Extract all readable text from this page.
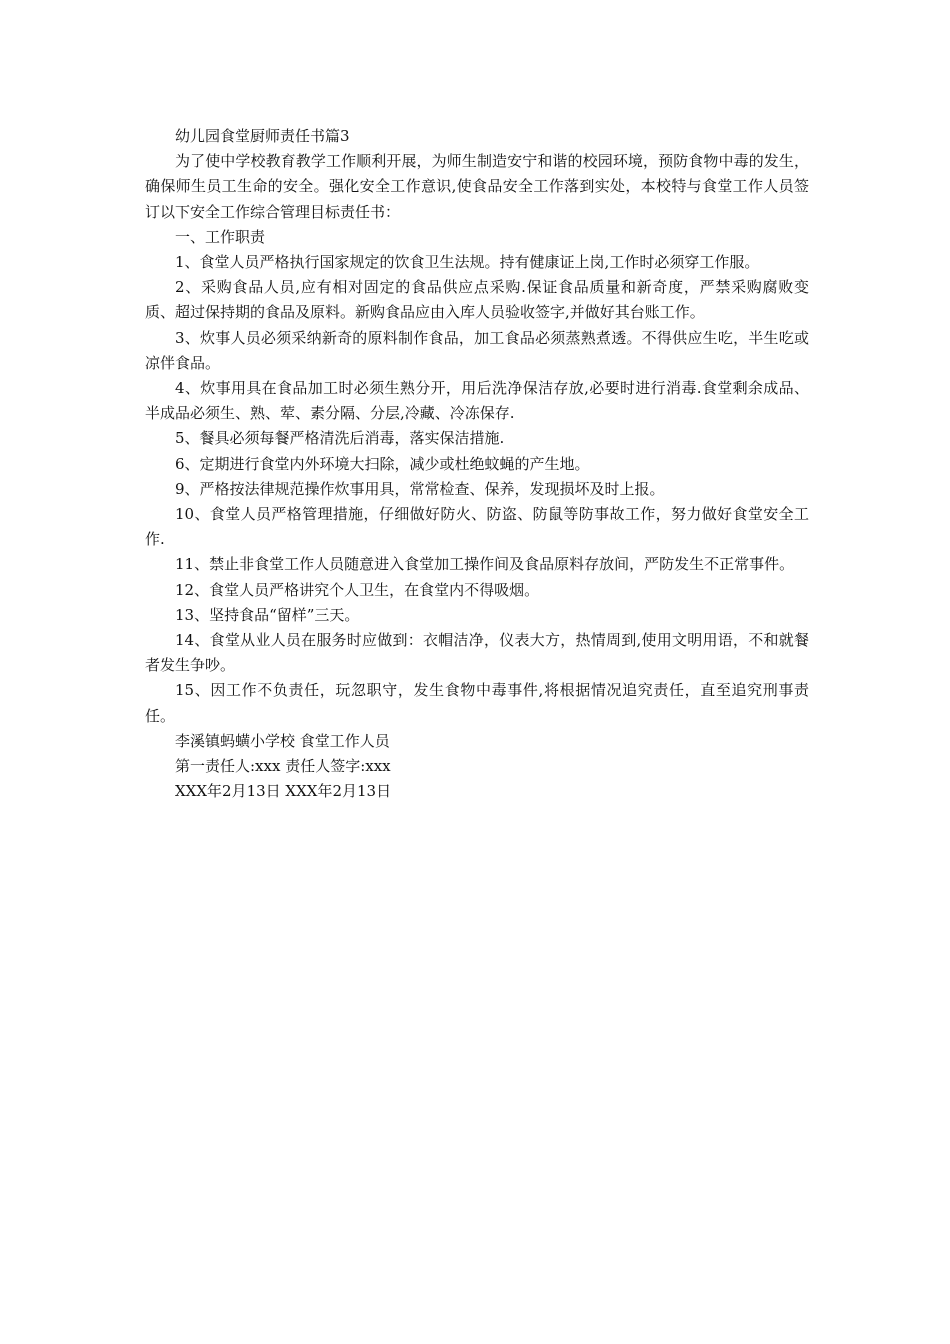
幼儿园食堂厨师责任书篇3

为了使中学校教育教学工作顺利开展，为师生制造安宁和谐的校园环境，预防食物中毒的发生，确保师生员工生命的安全。强化安全工作意识,使食品安全工作落到实处，本校特与食堂工作人员签订以下安全工作综合管理目标责任书：

一、工作职责

1、食堂人员严格执行国家规定的饮食卫生法规。持有健康证上岗,工作时必须穿工作服。

2、采购食品人员,应有相对固定的食品供应点采购.保证食品质量和新奇度，严禁采购腐败变质、超过保持期的食品及原料。新购食品应由入库人员验收签字,并做好其台账工作。

3、炊事人员必须采纳新奇的原料制作食品，加工食品必须蒸熟煮透。不得供应生吃，半生吃或凉伴食品。

4、炊事用具在食品加工时必须生熟分开，用后洗净保洁存放,必要时进行消毒.食堂剩余成品、半成品必须生、熟、荤、素分隔、分层,冷藏、冷冻保存.

5、餐具必须每餐严格清洗后消毒，落实保洁措施.

6、定期进行食堂内外环境大扫除，减少或杜绝蚊蝇的产生地。

9、严格按法律规范操作炊事用具，常常检查、保养，发现损坏及时上报。

10、食堂人员严格管理措施，仔细做好防火、防盗、防鼠等防事故工作，努力做好食堂安全工作.

11、禁止非食堂工作人员随意进入食堂加工操作间及食品原料存放间，严防发生不正常事件。

12、食堂人员严格讲究个人卫生，在食堂内不得吸烟。

13、坚持食品“留样”三天。

14、食堂从业人员在服务时应做到：衣帽洁净，仪表大方，热情周到,使用文明用语，不和就餐者发生争吵。

15、因工作不负责任，玩忽职守，发生食物中毒事件,将根据情况追究责任，直至追究刑事责任。

李溪镇蚂蟥小学校 食堂工作人员

第一责任人:xxx 责任人签字:xxx

XXX年2月13日 XXX年2月13日
